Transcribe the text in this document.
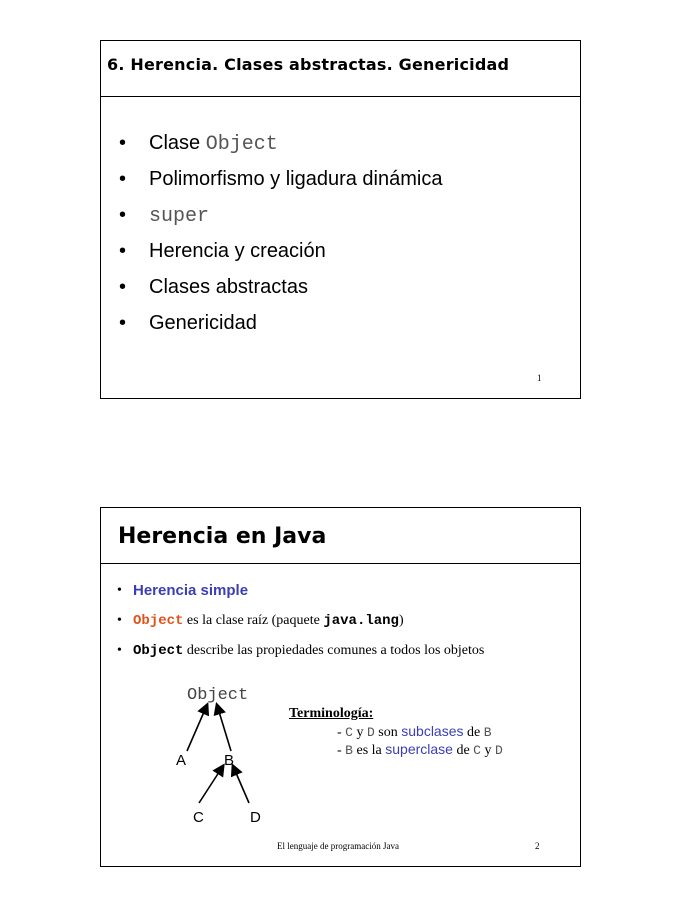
6. Herencia. Clases abstractas. Genericidad
• Clase Object
• Polimorfismo y ligadura dinámica
• super
• Herencia y creación
• Clases abstractas
• Genericidad
1
Herencia en Java
• Herencia simple
• Object es la clase raíz (paquete java.lang)
• Object describe las propiedades comunes a todos los objetos
Object
A	B
C	D
Terminología:
- C y D son subclases de B
- B es la superclase de C y D
El lenguaje de programación Java	2
